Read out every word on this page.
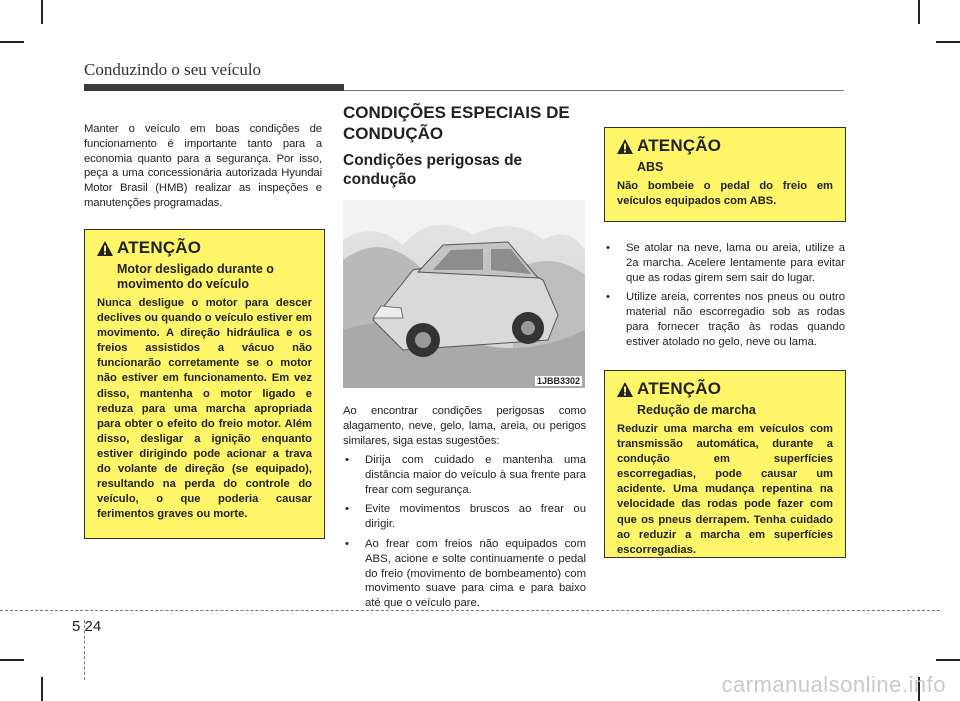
Conduzindo o seu veículo
Manter o veículo em boas condições de funcionamento é importante tanto para a economia quanto para a segurança. Por isso, peça a uma concessionária autorizada Hyundai Motor Brasil (HMB) realizar as inspeções e manutenções programadas.
ATENÇÃO
Motor desligado durante o movimento do veículo
Nunca desligue o motor para descer declives ou quando o veículo estiver em movimento. A direção hidráulica e os freios assistidos a vácuo não funcionarão corretamente se o motor não estiver em funcionamento. Em vez disso, mantenha o motor ligado e reduza para uma marcha apropriada para obter o efeito do freio motor. Além disso, desligar a ignição enquanto estiver dirigindo pode acionar a trava do volante de direção (se equipado), resultando na perda do controle do veículo, o que poderia causar ferimentos graves ou morte.
CONDIÇÕES ESPECIAIS DE CONDUÇÃO
Condições perigosas de condução
1JBB3302
Ao encontrar condições perigosas como alagamento, neve, gelo, lama, areia, ou perigos similares, siga estas sugestões:
• Dirija com cuidado e mantenha uma distância maior do veículo à sua frente para frear com segurança.
• Evite movimentos bruscos ao frear ou dirigir.
• Ao frear com freios não equipados com ABS, acione e solte continuamente o pedal do freio (movimento de bombeamento) com movimento suave para cima e para baixo até que o veículo pare.
ATENÇÃO
ABS
Não bombeie o pedal do freio em veículos equipados com ABS.
• Se atolar na neve, lama ou areia, utilize a 2a marcha. Acelere lentamente para evitar que as rodas girem sem sair do lugar.
• Utilize areia, correntes nos pneus ou outro material não escorregadio sob as rodas para fornecer tração às rodas quando estiver atolado no gelo, neve ou lama.
ATENÇÃO
Redução de marcha
Reduzir uma marcha em veículos com transmissão automática, durante a condução em superfícies escorregadias, pode causar um acidente. Uma mudança repentina na velocidade das rodas pode fazer com que os pneus derrapem. Tenha cuidado ao reduzir a marcha em superfícies escorregadias.
5 24
carmanualsonline.info
